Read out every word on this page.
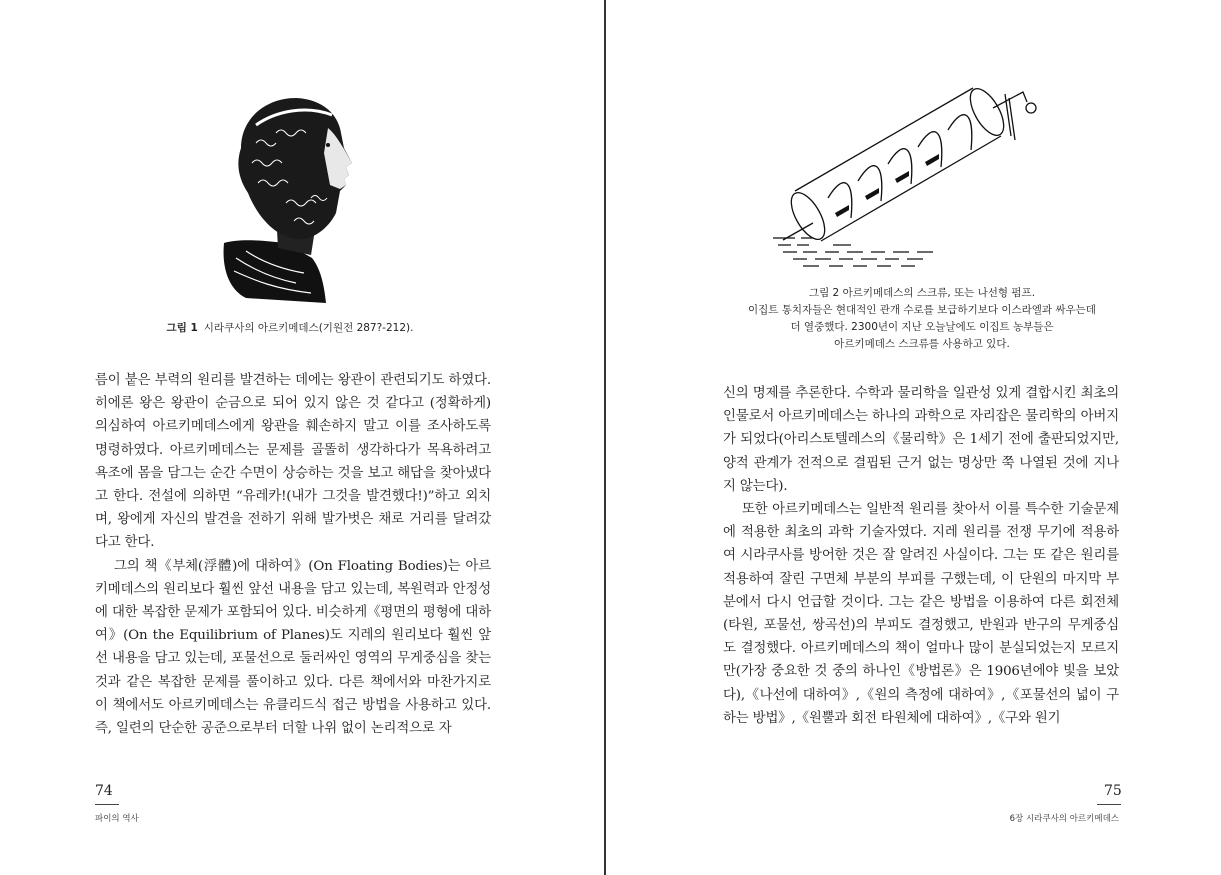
그림 1 시라쿠사의 아르키메데스(기원전 287?-212).

름이 붙은 부력의 원리를 발견하는 데에는 왕관이 관련되기도 하였다. 히에론 왕은 왕관이 순금으로 되어 있지 않은 것 같다고 (정확하게) 의심하여 아르키메데스에게 왕관을 훼손하지 말고 이를 조사하도록 명령하였다. 아르키메데스는 문제를 골똘히 생각하다가 목욕하려고 욕조에 몸을 담그는 순간 수면이 상승하는 것을 보고 해답을 찾아냈다고 한다. 전설에 의하면 “유레카!(내가 그것을 발견했다!)”하고 외치며, 왕에게 자신의 발견을 전하기 위해 발가벗은 채로 거리를 달려갔다고 한다.

그의 책《부체(浮體)에 대하여》(On Floating Bodies)는 아르키메데스의 원리보다 훨씬 앞선 내용을 담고 있는데, 복원력과 안정성에 대한 복잡한 문제가 포함되어 있다. 비슷하게《평면의 평형에 대하여》(On the Equilibrium of Planes)도 지레의 원리보다 훨씬 앞선 내용을 담고 있는데, 포물선으로 둘러싸인 영역의 무게중심을 찾는 것과 같은 복잡한 문제를 풀이하고 있다. 다른 책에서와 마찬가지로 이 책에서도 아르키메데스는 유클리드식 접근 방법을 사용하고 있다. 즉, 일련의 단순한 공준으로부터 더할 나위 없이 논리적으로 자

74
파이의 역사
그림 2 아르키메데스의 스크류, 또는 나선형 펌프.
이집트 통치자들은 현대적인 관개 수로를 보급하기보다 이스라엘과 싸우는데
더 열중했다. 2300년이 지난 오늘날에도 이집트 농부들은
아르키메데스 스크류를 사용하고 있다.

신의 명제를 추론한다. 수학과 물리학을 일관성 있게 결합시킨 최초의 인물로서 아르키메데스는 하나의 과학으로 자리잡은 물리학의 아버지가 되었다(아리스토텔레스의《물리학》은 1세기 전에 출판되었지만, 양적 관계가 전적으로 결핍된 근거 없는 명상만 쭉 나열된 것에 지나지 않는다).

또한 아르키메데스는 일반적 원리를 찾아서 이를 특수한 기술문제에 적용한 최초의 과학 기술자였다. 지레 원리를 전쟁 무기에 적용하여 시라쿠사를 방어한 것은 잘 알려진 사실이다. 그는 또 같은 원리를 적용하여 잘린 구면체 부분의 부피를 구했는데, 이 단원의 마지막 부분에서 다시 언급할 것이다. 그는 같은 방법을 이용하여 다른 회전체(타원, 포물선, 쌍곡선)의 부피도 결정했고, 반원과 반구의 무게중심도 결정했다. 아르키메데스의 책이 얼마나 많이 분실되었는지 모르지만(가장 중요한 것 중의 하나인《방법론》은 1906년에야 빛을 보았다),《나선에 대하여》,《원의 측정에 대하여》,《포물선의 넓이 구하는 방법》,《원뿔과 회전 타원체에 대하여》,《구와 원기

75
6장 시라쿠사의 아르키메데스
